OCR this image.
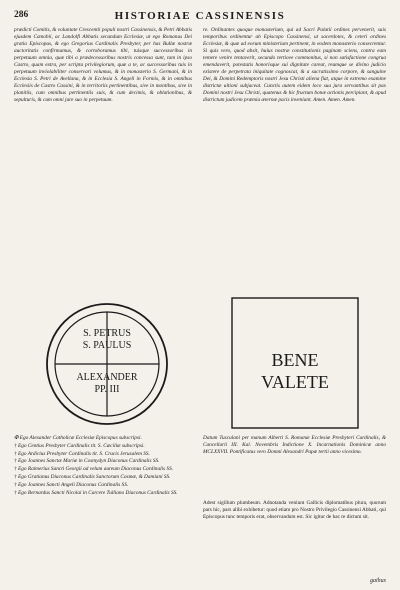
286	HISTORIAE CASSINENSIS
prædicti Comitis, & voluntate Crescentii populi nostri Cassinensis, & Petri Abbatis ejusdem Cænobii, ac Landolfi Abbatis secundum Ecclesiæ, ut ego Romanus Dei gratia Episcopus, & ego Gregorius Cardinalis Presbyter, per has Bullæ nostræ auctoritatis confirmamus, & corroboramus tibi, tuisque successoribus in perpetuum omnia, quæ tibi a prædecessoribus nostris concessa sunt, tam in ipso Castro, quam extra, per scripta privilegiorum, quæ a te, ac successoribus tuis in perpetuum inviolabiliter conservari volumus, & in monasterio S. Germani, & in Ecclesia S. Petri de Avellana, & in Ecclesia S. Angeli in Formis, & in omnibus Ecclesiis de Castro Cassini, & in territoriis pertinentibus, sive in montibus, sive in planitiis, cum omnibus pertinentiis suis, & cum decimis, & oblationibus, & sepulturis, & cum omni jure suo in perpetuum.
re. Ordinantes quoque monasterium, qui ad Sacri Palatii ordines pervenerit, suis temporibus ordinentur ab Episcopo Cassinensi, ut sacerdotes, & ceteri ordines Ecclesiæ, & quæ ad eorum ministerium pertinent, in eodem monasterio consecrentur. Si quis vero, quod absit, huius nostræ constitutionis paginam sciens, contra eam temere venire tentaverit, secundo tertiove commonitus, si non satisfactione congrua emendaverit, potestatis honorisque sui dignitate careat, reumque se divino judicio existere de perpetrata iniquitate cognoscat, & a sacratissimo corpore, & sanguine Dei, & Domini Redemptoris nostri Jesu Christi aliena fiat, atque in extremo examine districtæ ultioni subjaceat. Cunctis autem eidem loco sua jura servantibus sit pax Domini nostri Jesu Christi, quatenus & hic fructum bonæ actionis percipiant, & apud districtum judicem præmia æternæ pacis inveniant. Amen. Amen. Amen.
S. PETRUS
S. PAULUS
ALEXANDER
PP. III
BENE
VALETE

✠ Ego Alexander Catholicæ Ecclesiæ Episcopus subscripsi.

† Ego Centius Presbyter Cardinalis tit. S. Cæciliæ subscripsi.

† Ego Ardicius Presbyter Cardinalis tit. S. Crucis Jerusalem SS.

† Ego Joannes Sanctæ Mariæ in Cosmydyn Diaconus Cardinalis SS.

† Ego Raimerius Sancti Georgii ad velum aureum Diaconus Cardinalis SS.

† Ego Gratianus Diaconus Cardinalis Sanctorum Cosmæ, & Damiani SS.

† Ego Joannes Sancti Angeli Diaconus Cardinalis SS.

† Ego Bernardus Sancti Nicolai in Carcere Tulliano Diaconus Cardinalis SS.

Datum Tusculani per manum Alberti S. Romanæ Ecclesiæ Presbyteri Cardinalis, & Cancellarii III. Kal. Novembris Indictione X. Incarnationis Dominicæ anno MCLXXVII. Pontificatus vero Domni Alexandri Papæ tertii anno vicesimo.
Adest sigillum plumbeum. Adnotanda veniunt Gallicis diplomatibus plura, quorum pars hic, pars alibi exhibetur: quod etiam pro Nostro Privilegio Cassinensi Abbati, qui Episcopus tunc temporis erat, observandum est. Sic igitur de hac re dictum sit.
gaihus
